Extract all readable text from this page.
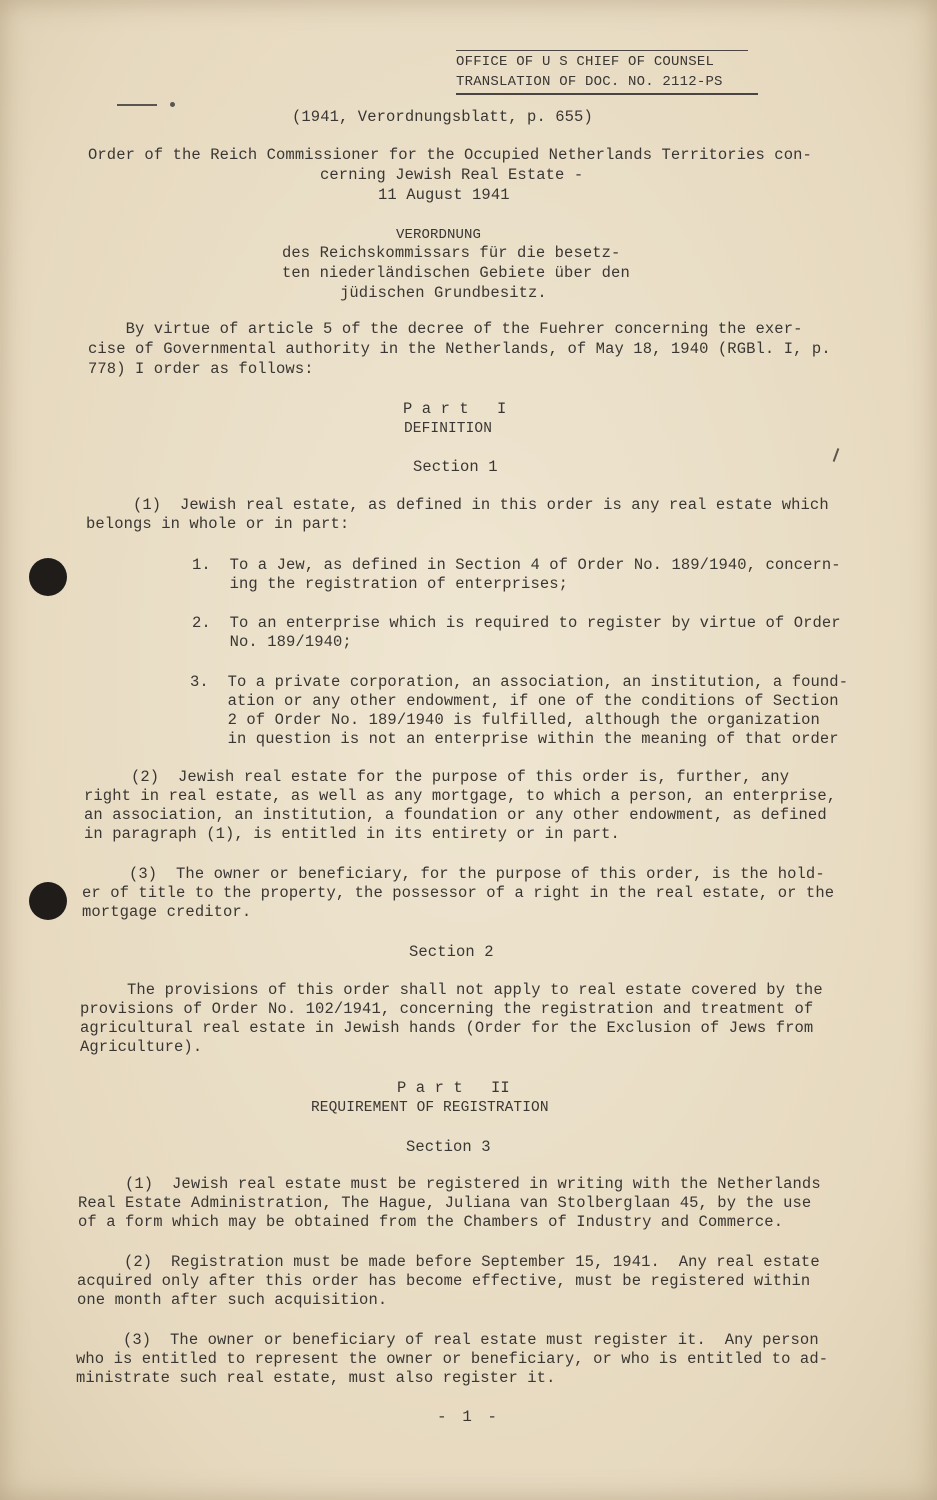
OFFICE OF U S CHIEF OF COUNSEL
TRANSLATION OF DOC. NO. 2112-PS
(1941, Verordnungsblatt, p. 655)
Order of the Reich Commissioner for the Occupied Netherlands Territories con-
cerning Jewish Real Estate -
11 August 1941
VERORDNUNG
des Reichskommissars für die besetz-
ten niederländischen Gebiete über den
jüdischen Grundbesitz.
By virtue of article 5 of the decree of the Fuehrer concerning the exer-
cise of Governmental authority in the Netherlands, of May 18, 1940 (RGBl. I, p.
778) I order as follows:
P a r t   I
DEFINITION
Section 1
(1)  Jewish real estate, as defined in this order is any real estate which
belongs in whole or in part:
1.  To a Jew, as defined in Section 4 of Order No. 189/1940, concern-
ing the registration of enterprises;
2.  To an enterprise which is required to register by virtue of Order
No. 189/1940;
3.  To a private corporation, an association, an institution, a found-
ation or any other endowment, if one of the conditions of Section
2 of Order No. 189/1940 is fulfilled, although the organization
in question is not an enterprise within the meaning of that order
(2)  Jewish real estate for the purpose of this order is, further, any
right in real estate, as well as any mortgage, to which a person, an enterprise,
an association, an institution, a foundation or any other endowment, as defined
in paragraph (1), is entitled in its entirety or in part.
(3)  The owner or beneficiary, for the purpose of this order, is the hold-
er of title to the property, the possessor of a right in the real estate, or the
mortgage creditor.
Section 2
The provisions of this order shall not apply to real estate covered by the
provisions of Order No. 102/1941, concerning the registration and treatment of
agricultural real estate in Jewish hands (Order for the Exclusion of Jews from
Agriculture).
P a r t   II
REQUIREMENT OF REGISTRATION
Section 3
(1)  Jewish real estate must be registered in writing with the Netherlands
Real Estate Administration, The Hague, Juliana van Stolberglaan 45, by the use
of a form which may be obtained from the Chambers of Industry and Commerce.
(2)  Registration must be made before September 15, 1941.  Any real estate
acquired only after this order has become effective, must be registered within
one month after such acquisition.
(3)  The owner or beneficiary of real estate must register it.  Any person
who is entitled to represent the owner or beneficiary, or who is entitled to ad-
ministrate such real estate, must also register it.
- 1 -
